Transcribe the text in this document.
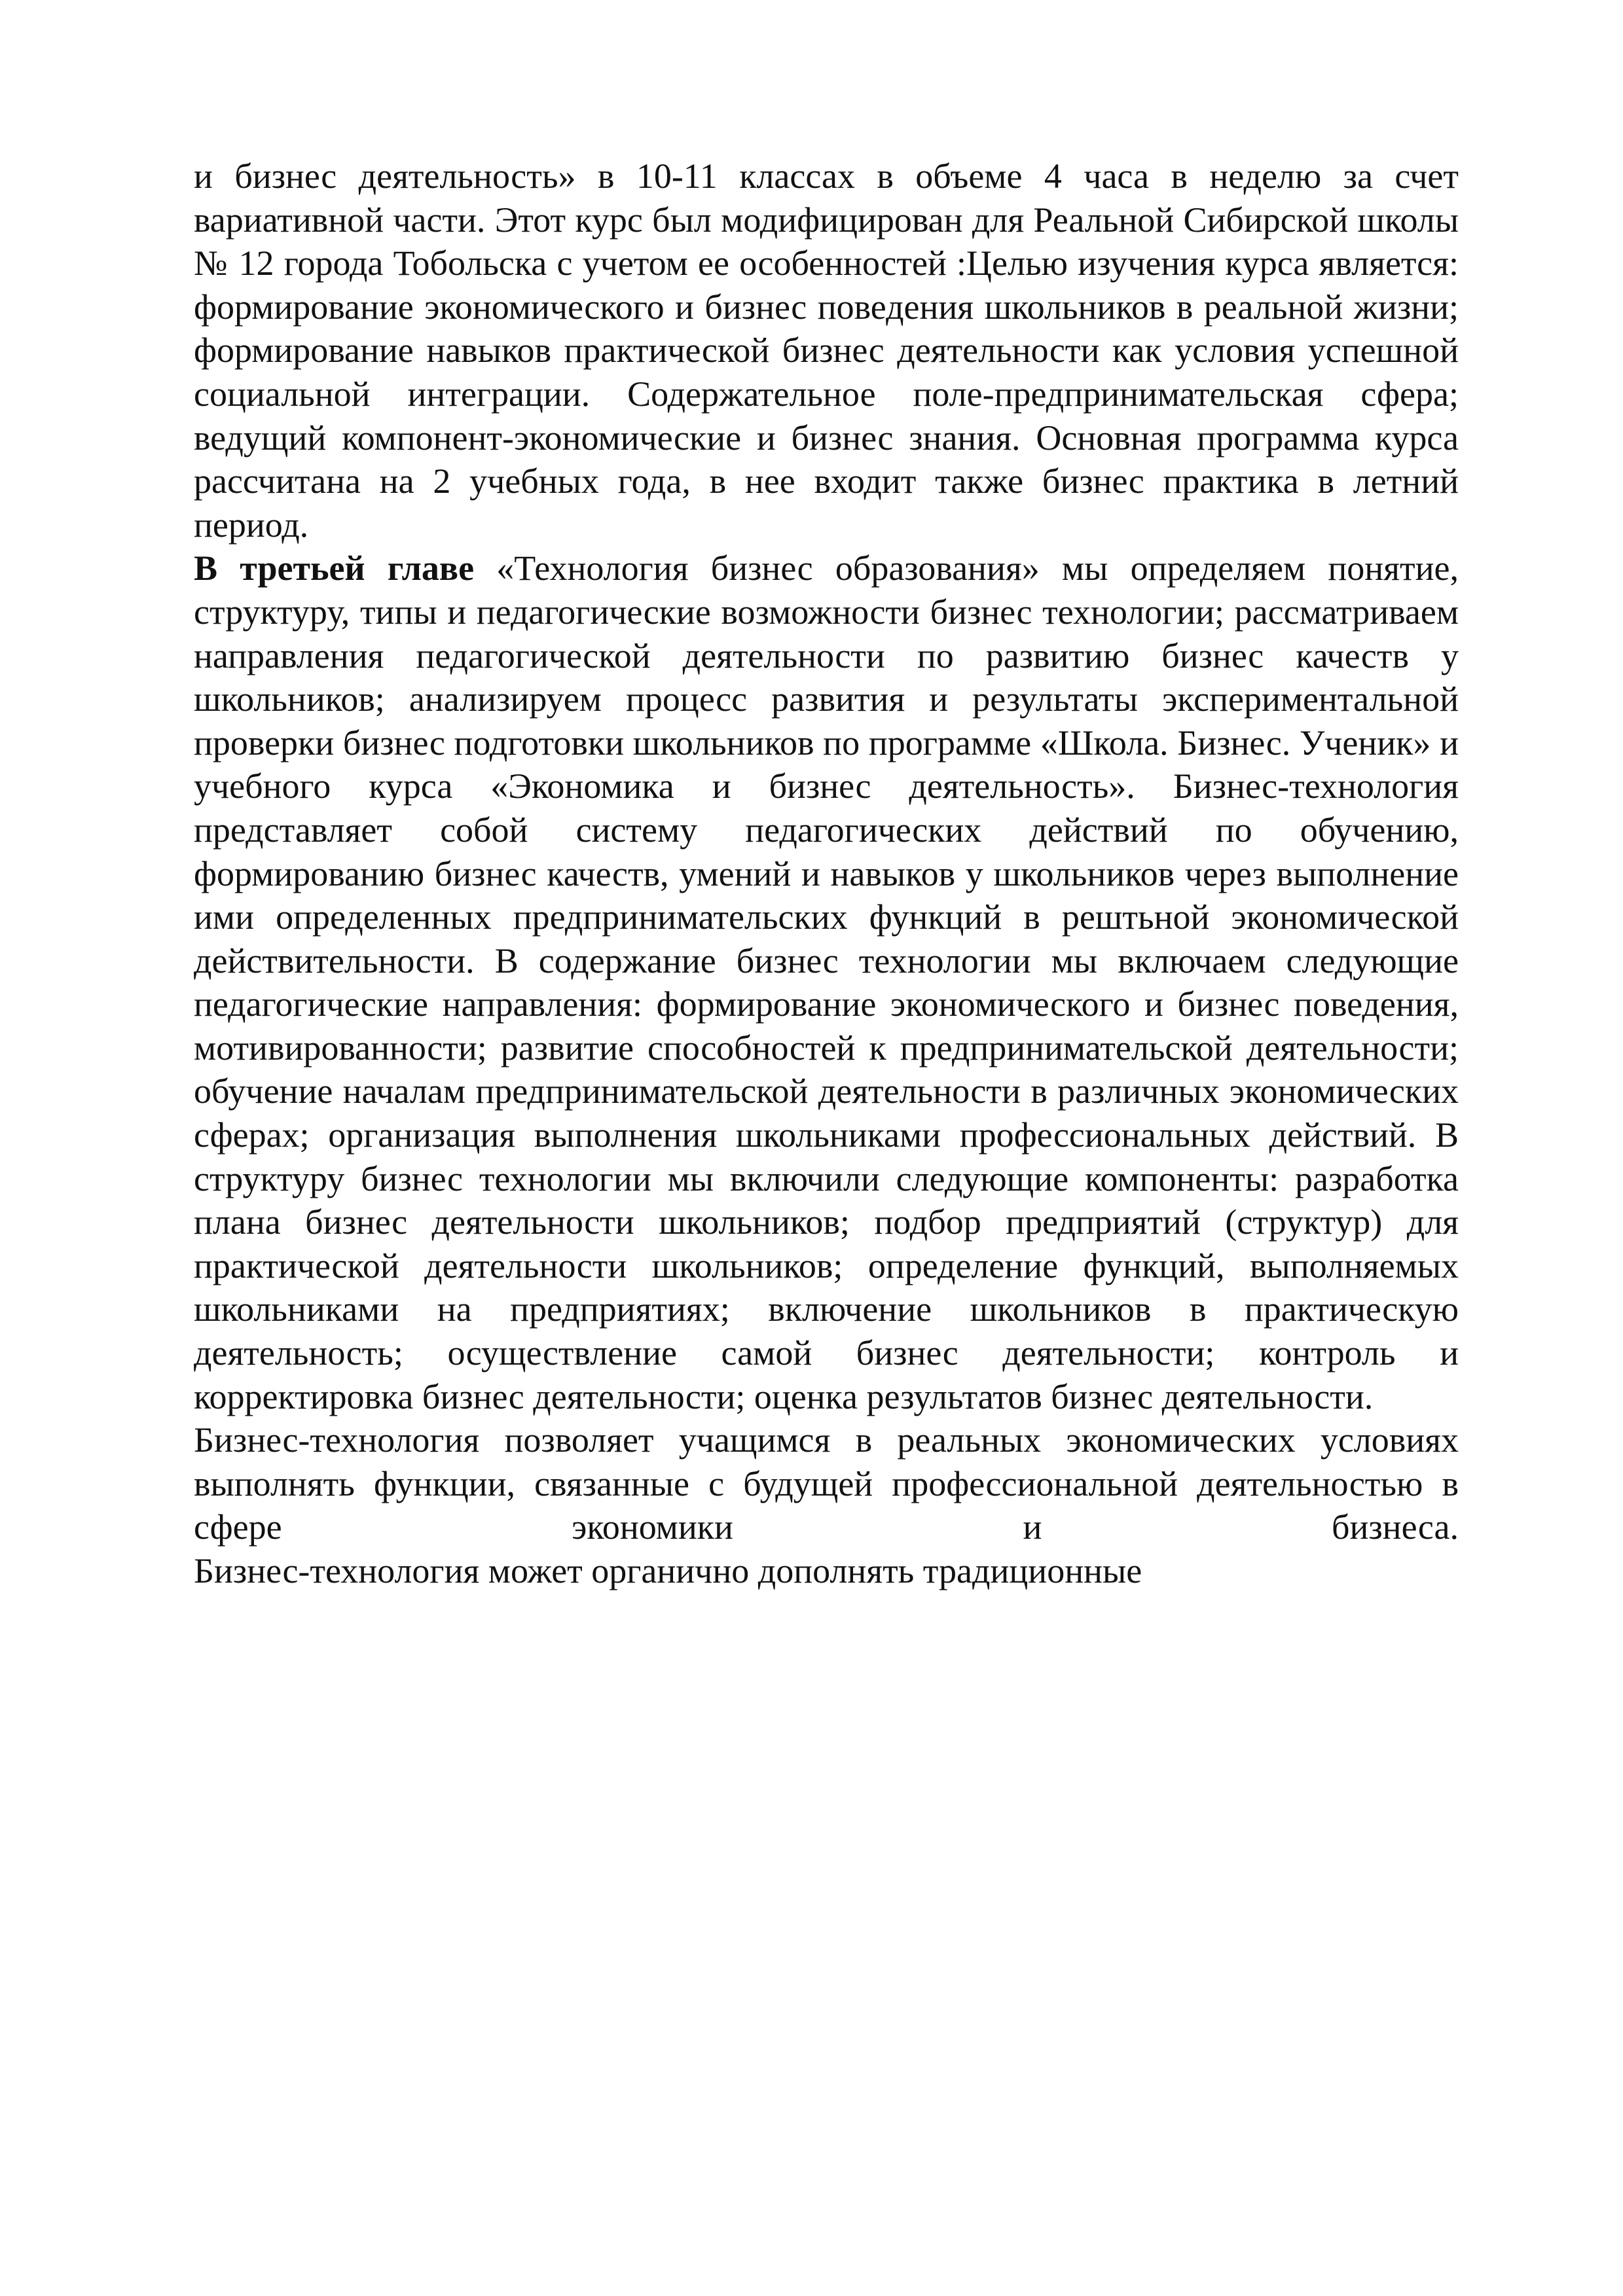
и бизнес деятельность» в 10-11 классах в объеме 4 часа в неделю за счет вариативной части. Этот курс был модифицирован для Реальной Сибирской школы № 12 города Тобольска с учетом ее особенностей :Целью изучения курса является: формирование экономического и бизнес поведения школьников в реальной жизни; формирование навыков практической бизнес деятельности как условия успешной социальной интеграции. Содержательное поле-предпринимательская сфера; ведущий компонент-экономические и бизнес знания. Основная программа курса рассчитана на 2 учебных года, в нее входит также бизнес практика в летний период.

В третьей главе «Технология бизнес образования» мы определяем понятие, структуру, типы и педагогические возможности бизнес технологии; рассматриваем направления педагогической деятельности по развитию бизнес качеств у школьников; анализируем процесс развития и результаты экспериментальной проверки бизнес подготовки школьников по программе «Школа. Бизнес. Ученик» и учебного курса «Экономика и бизнес деятельность». Бизнес-технология представляет собой систему педагогических действий по обучению, формированию бизнес качеств, умений и навыков у школьников через выполнение ими определенных предпринимательских функций в рештьной экономической действительности. В содержание бизнес технологии мы включаем следующие педагогические направления: формирование экономического и бизнес поведения, мотивированности; развитие способностей к предпринимательской деятельности; обучение началам предпринимательской деятельности в различных экономических сферах; организация выполнения школьниками профессиональных действий. В структуру бизнес технологии мы включили следующие компоненты: разработка плана бизнес деятельности школьников; подбор предприятий (структур) для практической деятельности школьников; определение функций, выполняемых школьниками на предприятиях; включение школьников в практическую деятельность; осуществление самой бизнес деятельности; контроль и корректировка бизнес деятельности; оценка результатов бизнес деятельности.

Бизнес-технология позволяет учащимся в реальных экономических условиях выполнять функции, связанные с будущей профессиональной деятельностью в сфере экономики и бизнеса.

Бизнес-технология может органично дополнять традиционные
